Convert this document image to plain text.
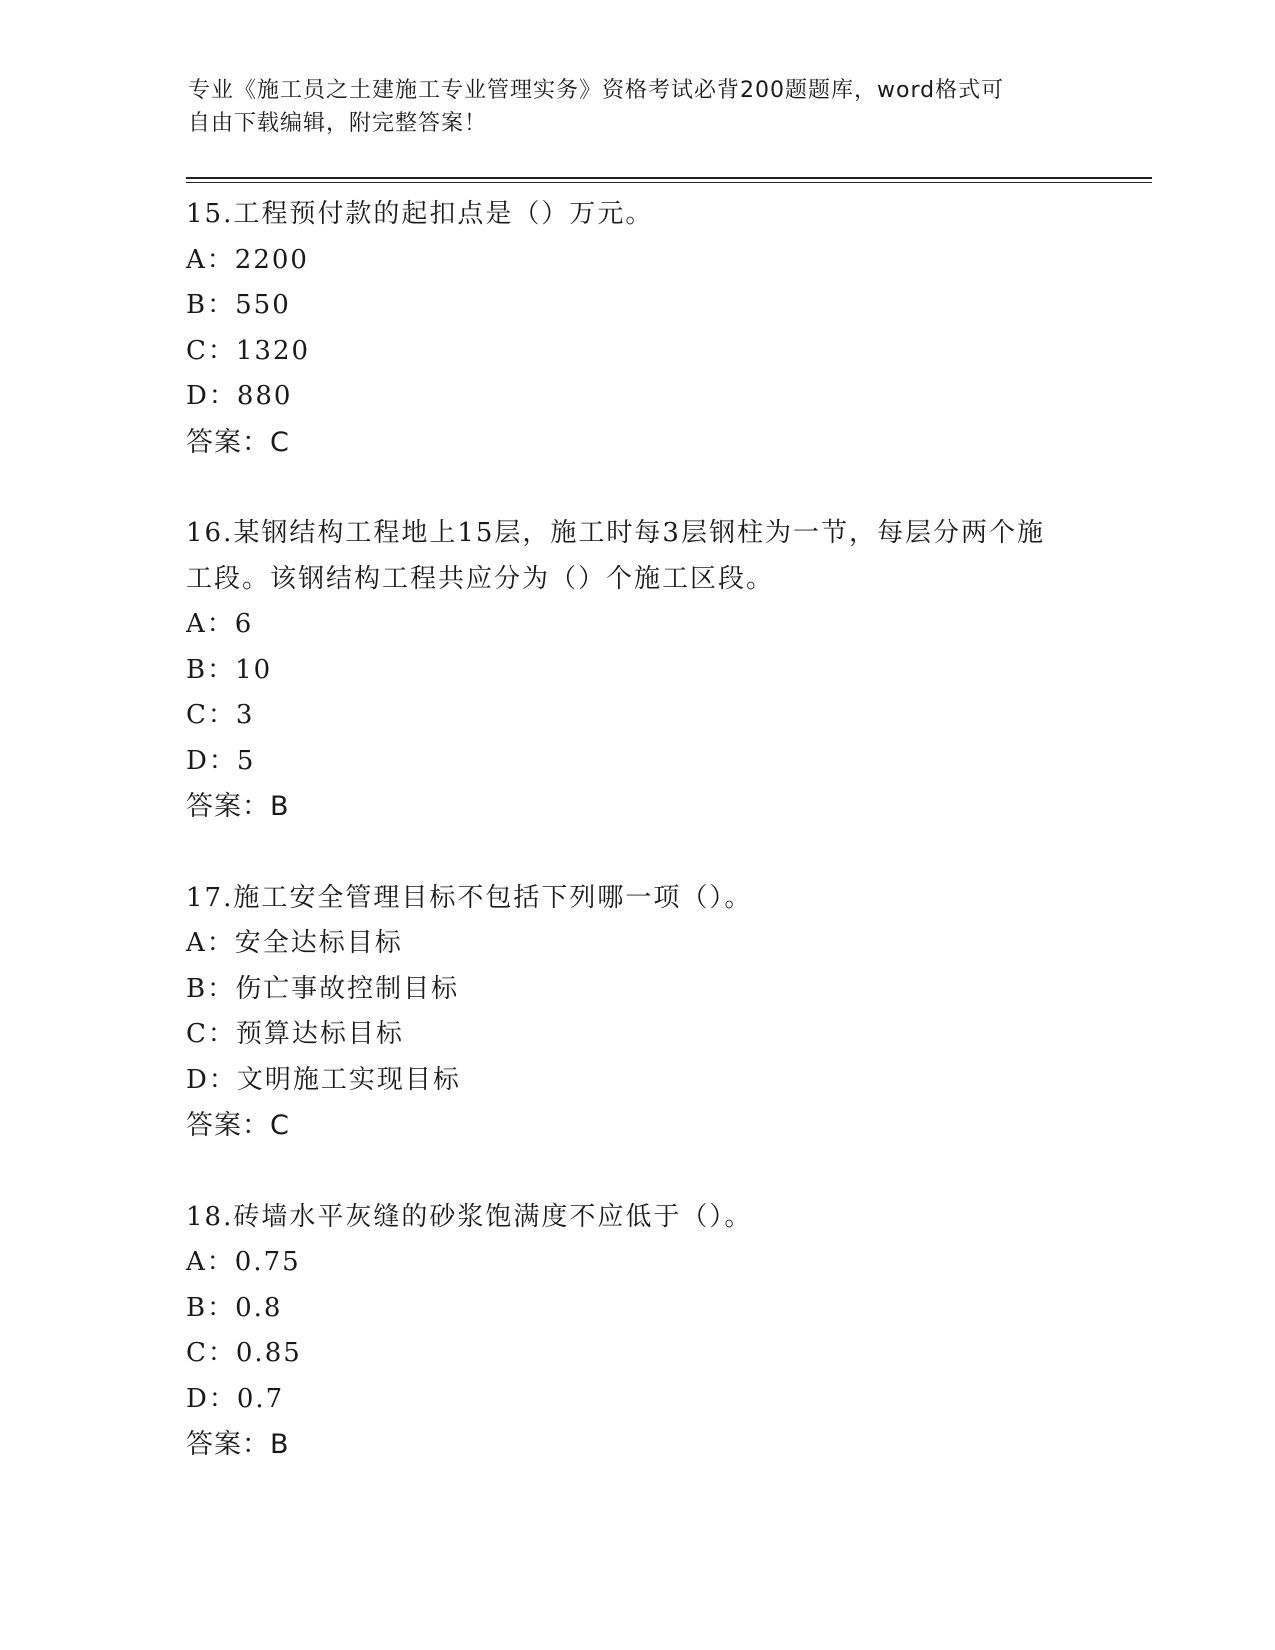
专业《施工员之土建施工专业管理实务》资格考试必背200题题库，word格式可
自由下载编辑，附完整答案！
15.工程预付款的起扣点是（）万元。
A：2200
B：550
C：1320
D：880
答案：C
16.某钢结构工程地上15层，施工时每3层钢柱为一节，每层分两个施工段。该钢结构工程共应分为（）个施工区段。
A：6
B：10
C：3
D：5
答案：B
17.施工安全管理目标不包括下列哪一项（）。
A：安全达标目标
B：伤亡事故控制目标
C：预算达标目标
D：文明施工实现目标
答案：C
18.砖墙水平灰缝的砂浆饱满度不应低于（）。
A：0.75
B：0.8
C：0.85
D：0.7
答案：B
